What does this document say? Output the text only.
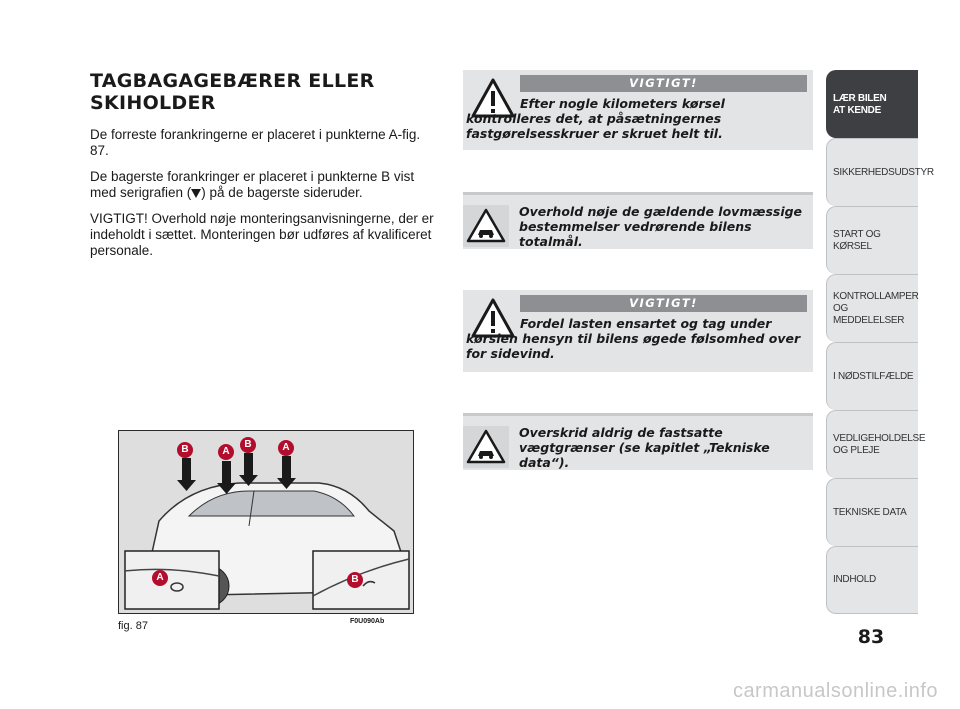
TAGBAGAGEBÆRER ELLER
SKIHOLDER

De forreste forankringerne er placeret i punkterne A-fig. 87.

De bagerste forankringer er placeret i punkterne B vist med serigrafien ( ) på de bagerste sideruder.

VIGTIGT! Overhold nøje monteringsanvisningerne, der er indeholdt i sættet. Monteringen bør udføres af kvalificeret personale.

VIGTIGT!

Efter nogle kilometers kørsel kontrolleres det, at påsætningernes fastgørelsesskruer er skruet helt til.

Overhold nøje de gældende lovmæssige bestemmelser vedrørende bilens totalmål.

VIGTIGT!

Fordel lasten ensartet og tag under kørslen hensyn til bilens øgede følsomhed over for sidevind.

Overskrid aldrig de fastsatte vægtgrænser (se kapitlet „Tekniske data“).

B	A
B	A
A	B
fig. 87	F0U090Ab
LÆR BILEN
AT KENDE
SIKKERHEDSUDSTYR
START OG KØRSEL
KONTROLLAMPER
OG MEDDELELSER
I NØDSTILFÆLDE
VEDLIGEHOLDELSE
OG PLEJE
TEKNISKE DATA
INDHOLD
83
carmanualsonline.info
